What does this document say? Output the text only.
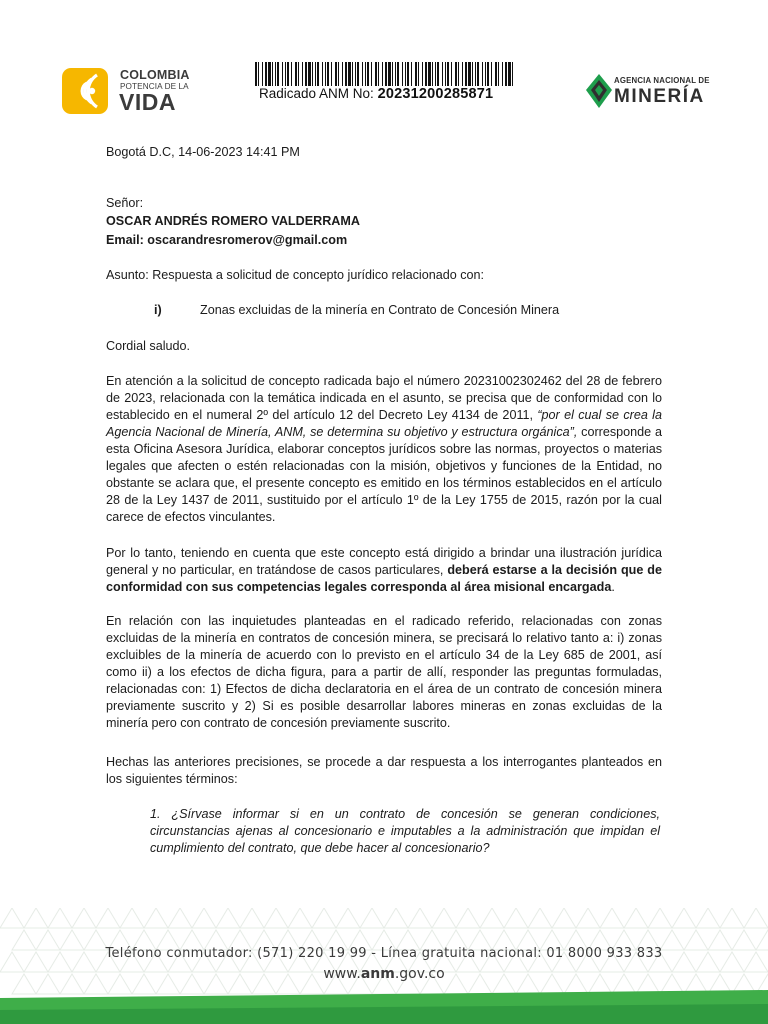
COLOMBIA
POTENCIA DE LA
VIDA	Radicado ANM No: 20231200285871
AGENCIA NACIONAL DE
MINERÍA
Bogotá D.C, 14-06-2023 14:41 PM
Señor:
OSCAR ANDRÉS ROMERO VALDERRAMA
Email: oscarandresromerov@gmail.com
Asunto: Respuesta a solicitud de concepto jurídico relacionado con:
i)	Zonas excluidas de la minería en Contrato de Concesión Minera
Cordial saludo.
En atención a la solicitud de concepto radicada bajo el número 20231002302462 del 28 de febrero de 2023, relacionada con la temática indicada en el asunto, se precisa que de conformidad con lo establecido en el numeral 2º del artículo 12 del Decreto Ley 4134 de 2011, “por el cual se crea la Agencia Nacional de Minería, ANM, se determina su objetivo y estructura orgánica”, corresponde a esta Oficina Asesora Jurídica, elaborar conceptos jurídicos sobre las normas, proyectos o materias legales que afecten o estén relacionadas con la misión, objetivos y funciones de la Entidad, no obstante se aclara que, el presente concepto es emitido en los términos establecidos en el artículo 28 de la Ley 1437 de 2011, sustituido por el artículo 1º de la Ley 1755 de 2015, razón por la cual carece de efectos vinculantes.
Por lo tanto, teniendo en cuenta que este concepto está dirigido a brindar una ilustración jurídica general y no particular, en tratándose de casos particulares, deberá estarse a la decisión que de conformidad con sus competencias legales corresponda al área misional encargada.
En relación con las inquietudes planteadas en el radicado referido, relacionadas con zonas excluidas de la minería en contratos de concesión minera, se precisará lo relativo tanto a: i) zonas excluibles de la minería de acuerdo con lo previsto en el artículo 34 de la Ley 685 de 2001, así como ii) a los efectos de dicha figura, para a partir de allí, responder las preguntas formuladas, relacionadas con: 1) Efectos de dicha declaratoria en el área de un contrato de concesión minera previamente suscrito y 2) Si es posible desarrollar labores mineras en zonas excluidas de la minería pero con contrato de concesión previamente suscrito.
Hechas las anteriores precisiones, se procede a dar respuesta a los interrogantes planteados en los siguientes términos:
1. ¿Sírvase informar si en un contrato de concesión se generan condiciones, circunstancias ajenas al concesionario e imputables a la administración que impidan el cumplimiento del contrato, que debe hacer al concesionario?
Teléfono conmutador: (571) 220 19 99 - Línea gratuita nacional: 01 8000 933 833
www.anm.gov.co
